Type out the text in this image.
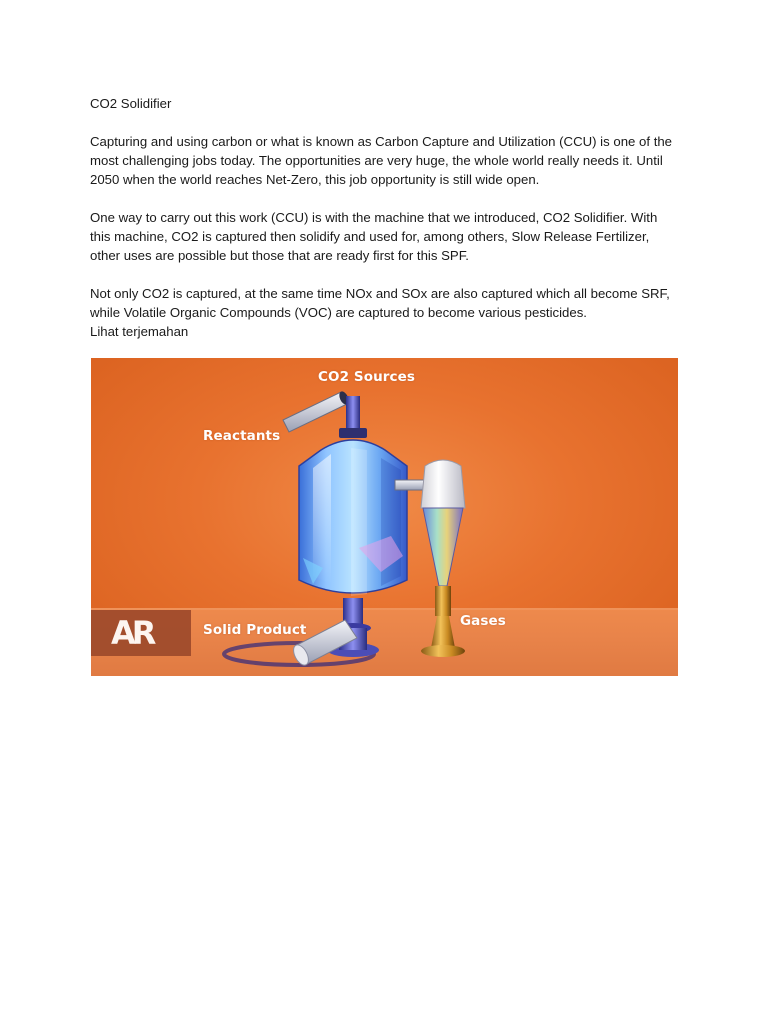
CO2 Solidifier

Capturing and using carbon or what is known as Carbon Capture and Utilization (CCU) is one of the most challenging jobs today. The opportunities are very huge, the whole world really needs it. Until 2050 when the world reaches Net-Zero, this job opportunity is still wide open.

One way to carry out this work (CCU) is with the machine that we introduced, CO2 Solidifier. With this machine, CO2 is captured then solidify and used for, among others, Slow Release Fertilizer, other uses are possible but those that are ready first for this SPF.

Not only CO2 is captured, at the same time NOx and SOx are also captured which all become SRF, while Volatile Organic Compounds (VOC) are captured to become various pesticides.

Lihat terjemahan

CO2 Sources
Reactants
Solid Product
Gases
AR
